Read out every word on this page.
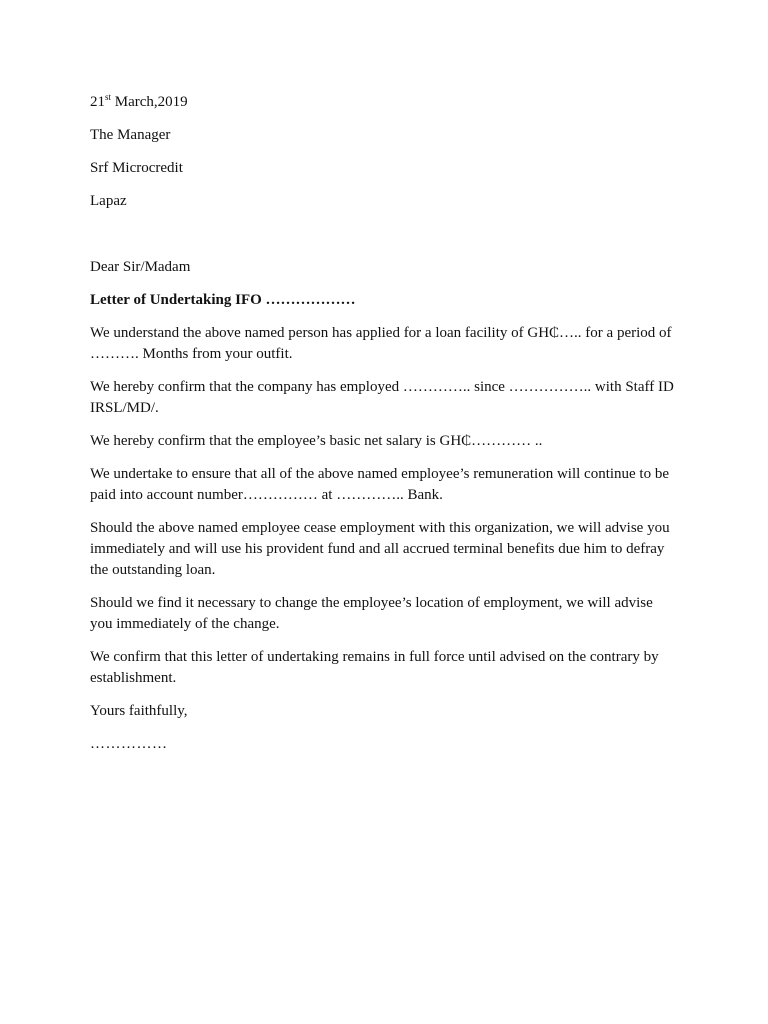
21st March,2019

The Manager

Srf Microcredit

Lapaz

Dear Sir/Madam

Letter of Undertaking IFO ………………

We understand the above named person has applied for a loan facility of GH₵….. for a period of ………. Months from your outfit.

We hereby confirm that the company has employed ………….. since …………….. with Staff ID IRSL/MD/.

We hereby confirm that the employee’s basic net salary is GH₵………… ..

We undertake to ensure that all of the above named employee’s remuneration will continue to be paid into account number…………… at ………….. Bank.

Should the above named employee cease employment with this organization, we will advise you immediately and will use his provident fund and all accrued terminal benefits due him to defray the outstanding loan.

Should we find it necessary to change the employee’s location of employment, we will advise you immediately of the change.

We confirm that this letter of undertaking remains in full force until advised on the contrary by establishment.

Yours faithfully,

……………
